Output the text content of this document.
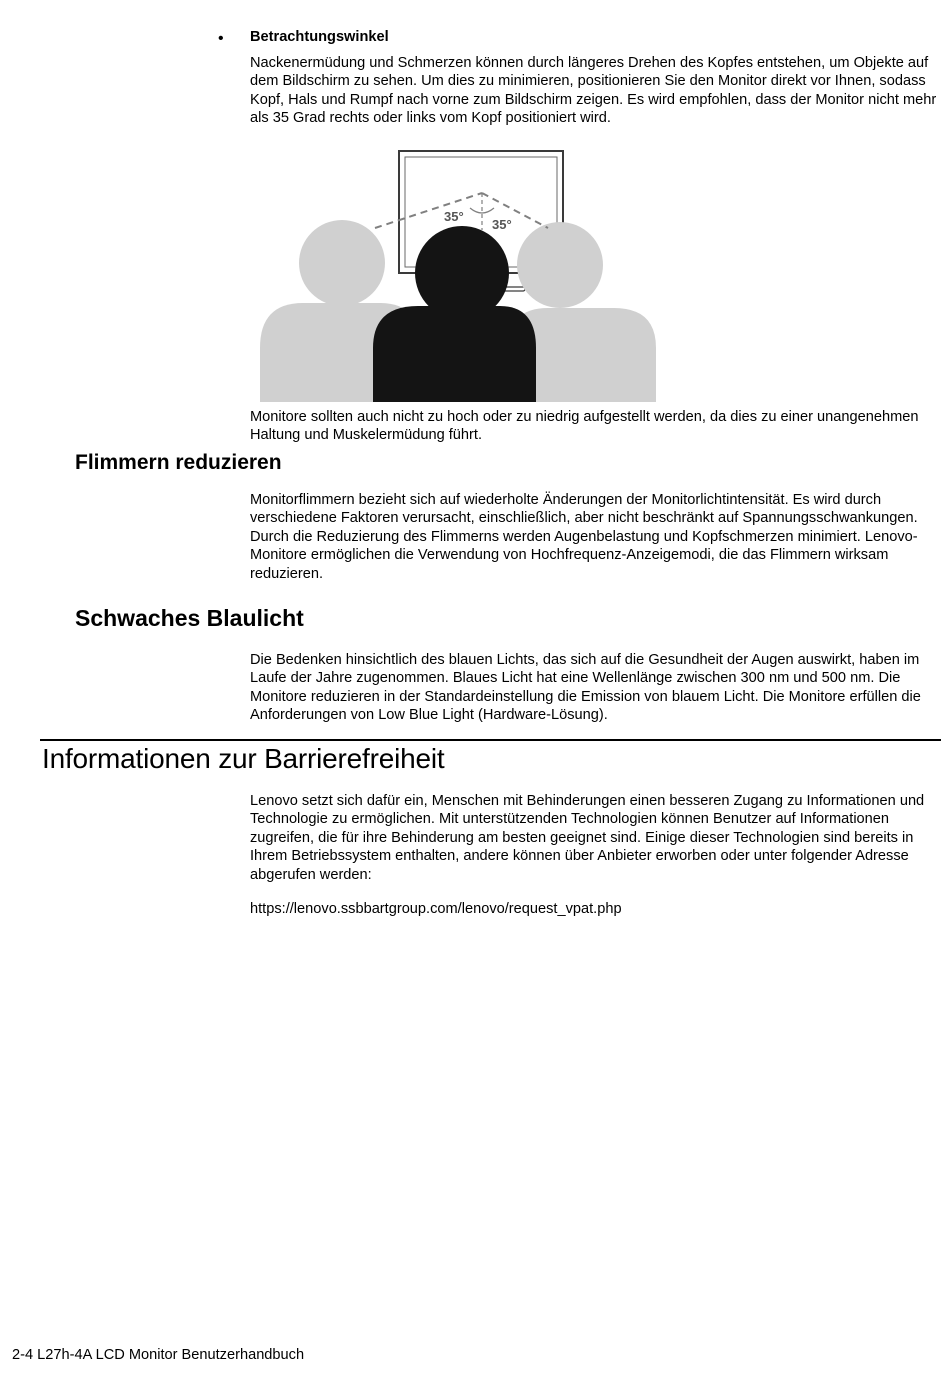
• Betrachtungswinkel

Nackenermüdung und Schmerzen können durch längeres Drehen des Kopfes entstehen, um Objekte auf dem Bildschirm zu sehen. Um dies zu minimieren, positionieren Sie den Monitor direkt vor Ihnen, sodass Kopf, Hals und Rumpf nach vorne zum Bildschirm zeigen. Es wird empfohlen, dass der Monitor nicht mehr als 35 Grad rechts oder links vom Kopf positioniert wird.

35°
35°

Monitore sollten auch nicht zu hoch oder zu niedrig aufgestellt werden, da dies zu einer unangenehmen Haltung und Muskelermüdung führt.

Flimmern reduzieren

Monitorflimmern bezieht sich auf wiederholte Änderungen der Monitorlichtintensität. Es wird durch verschiedene Faktoren verursacht, einschließlich, aber nicht beschränkt auf Spannungsschwankungen. Durch die Reduzierung des Flimmerns werden Augenbelastung und Kopfschmerzen minimiert. Lenovo-Monitore ermöglichen die Verwendung von Hochfrequenz-Anzeigemodi, die das Flimmern wirksam reduzieren.

Schwaches Blaulicht

Die Bedenken hinsichtlich des blauen Lichts, das sich auf die Gesundheit der Augen auswirkt, haben im Laufe der Jahre zugenommen. Blaues Licht hat eine Wellenlänge zwischen 300 nm und 500 nm. Die Monitore reduzieren in der Standardeinstellung die Emission von blauem Licht. Die Monitore erfüllen die Anforderungen von Low Blue Light (Hardware-Lösung).

Informationen zur Barrierefreiheit

Lenovo setzt sich dafür ein, Menschen mit Behinderungen einen besseren Zugang zu Informationen und Technologie zu ermöglichen. Mit unterstützenden Technologien können Benutzer auf Informationen zugreifen, die für ihre Behinderung am besten geeignet sind. Einige dieser Technologien sind bereits in Ihrem Betriebssystem enthalten, andere können über Anbieter erworben oder unter folgender Adresse abgerufen werden:

https://lenovo.ssbbartgroup.com/lenovo/request_vpat.php

2-4 L27h-4A LCD Monitor Benutzerhandbuch
